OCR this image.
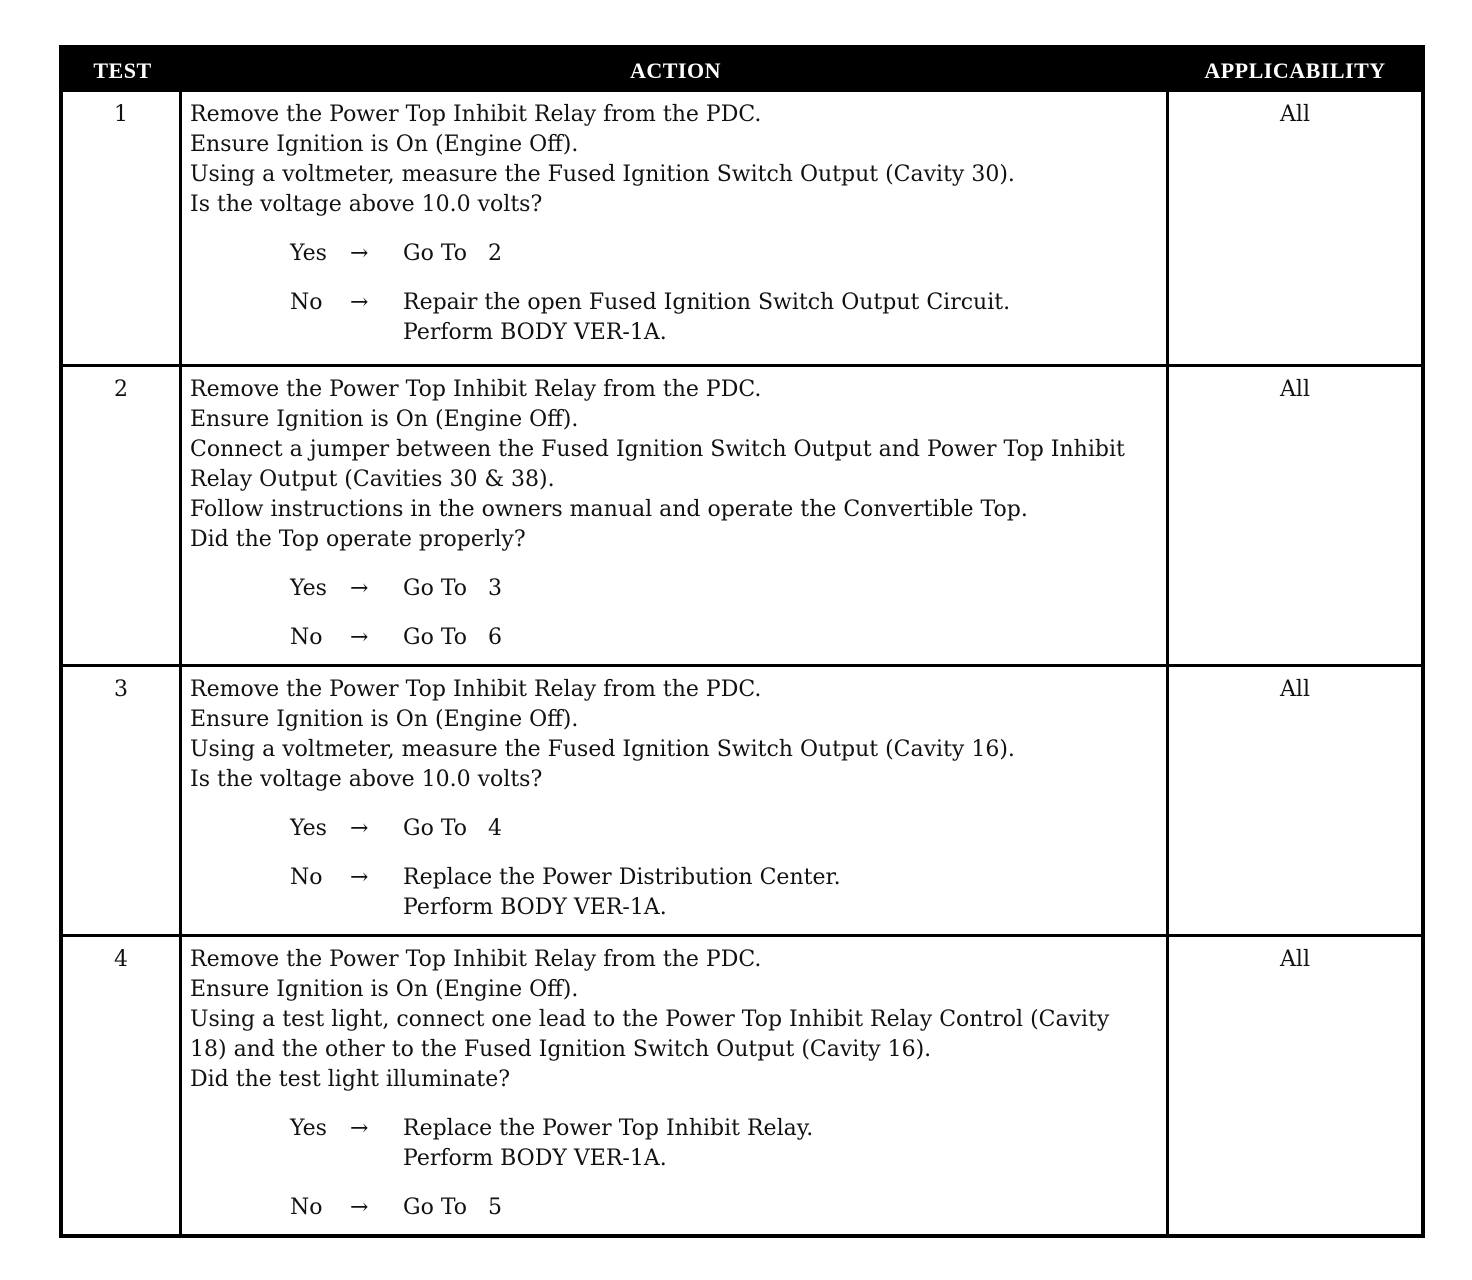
TEST	ACTION	APPLICABILITY
1	Remove the Power Top Inhibit Relay from the PDC.
Ensure Ignition is On (Engine Off).
Using a voltmeter, measure the Fused Ignition Switch Output (Cavity 30).
Is the voltage above 10.0 volts?
Yes	→	Go To   2
No	→	Repair the open Fused Ignition Switch Output Circuit.
Perform BODY VER-1A.
All
2	Remove the Power Top Inhibit Relay from the PDC.
Ensure Ignition is On (Engine Off).
Connect a jumper between the Fused Ignition Switch Output and Power Top Inhibit
Relay Output (Cavities 30 & 38).
Follow instructions in the owners manual and operate the Convertible Top.
Did the Top operate properly?
Yes	→	Go To   3
No	→	Go To   6
All
3	Remove the Power Top Inhibit Relay from the PDC.
Ensure Ignition is On (Engine Off).
Using a voltmeter, measure the Fused Ignition Switch Output (Cavity 16).
Is the voltage above 10.0 volts?
Yes	→	Go To   4
No	→	Replace the Power Distribution Center.
Perform BODY VER-1A.
All
4	Remove the Power Top Inhibit Relay from the PDC.
Ensure Ignition is On (Engine Off).
Using a test light, connect one lead to the Power Top Inhibit Relay Control (Cavity
18) and the other to the Fused Ignition Switch Output (Cavity 16).
Did the test light illuminate?
Yes	→	Replace the Power Top Inhibit Relay.
Perform BODY VER-1A.
No	→	Go To   5
All
